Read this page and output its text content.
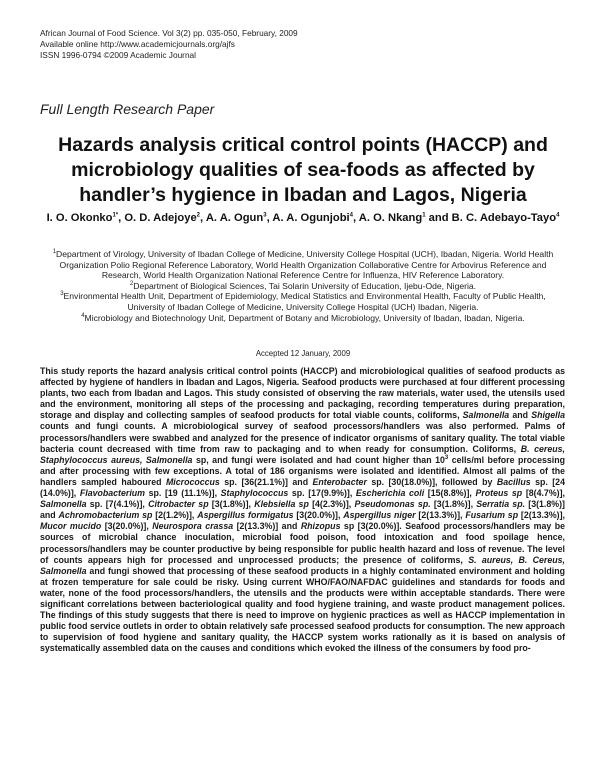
African Journal of Food Science. Vol 3(2) pp. 035-050, February, 2009
Available online http://www.academicjournals.org/ajfs
ISSN 1996-0794 ©2009 Academic Journal
Full Length Research Paper
Hazards analysis critical control points (HACCP) and microbiology qualities of sea-foods as affected by handler’s hygience in Ibadan and Lagos, Nigeria
I. O. Okonko$^{1*}$, O. D. Adejoye$^2$, A. A. Ogun$^3$, A. A. Ogunjobi$^4$, A. O. Nkang$^1$ and B. C. Adebayo-Tayo$^4$

$^1$Department of Virology, University of Ibadan College of Medicine, University College Hospital (UCH), Ibadan, Nigeria. World Health Organization Polio Regional Reference Laboratory, World Health Organization Collaborative Centre for Arbovirus Reference and Research, World Health Organization National Reference Centre for Influenza, HIV Reference Laboratory.

$^2$Department of Biological Sciences, Tai Solarin University of Education, Ijebu-Ode, Nigeria.

$^3$Environmental Health Unit, Department of Epidemiology, Medical Statistics and Environmental Health, Faculty of Public Health, University of Ibadan College of Medicine, University College Hospital (UCH) Ibadan, Nigeria.

$^4$Microbiology and Biotechnology Unit, Department of Botany and Microbiology, University of Ibadan, Ibadan, Nigeria.

Accepted 12 January, 2009
This study reports the hazard analysis critical control points (HACCP) and microbiological qualities of seafood products as affected by hygiene of handlers in Ibadan and Lagos, Nigeria. Seafood products were purchased at four different processing plants, two each from Ibadan and Lagos. This study consisted of observing the raw materials, water used, the utensils used and the environment, monitoring all steps of the processing and packaging, recording temperatures during preparation, storage and display and collecting samples of seafood products for total viable counts, coliforms, Salmonella and Shigella counts and fungi counts. A microbiological survey of seafood processors/handlers was also performed. Palms of processors/handlers were swabbed and analyzed for the presence of indicator organisms of sanitary quality. The total viable bacteria count decreased with time from raw to packaging and to when ready for consumption. Coliforms, B. cereus, Staphylococcus aureus, Salmonella sp, and fungi were isolated and had count higher than $10^3$ cells/ml before processing and after processing with few exceptions. A total of 186 organisms were isolated and identified. Almost all palms of the handlers sampled haboured Micrococcus sp. [36(21.1%)] and Enterobacter sp. [30(18.0%)], followed by Bacillus sp. [24 (14.0%)], Flavobacterium sp. [19 (11.1%)], Staphylococcus sp. [17(9.9%)], Escherichia coli [15(8.8%)], Proteus sp [8(4.7%)], Salmonella sp. [7(4.1%)], Citrobacter sp [3(1.8%)], Klebsiella sp [4(2.3%)], Pseudomonas sp. [3(1.8%)], Serratia sp. [3(1.8%)] and Achromobacterium sp [2(1.2%)], Aspergillus formigatus [3(20.0%)], Aspergillus niger [2(13.3%)], Fusarium sp [2(13.3%)], Mucor mucido [3(20.0%)], Neurospora crassa [2(13.3%)] and Rhizopus sp [3(20.0%)]. Seafood processors/handlers may be sources of microbial chance inoculation, microbial food poison, food intoxication and food spoilage hence, processors/handlers may be counter productive by being responsible for public health hazard and loss of revenue. The level of counts appears high for processed and unprocessed products; the presence of coliforms, S. aureus, B. Cereus, Salmonella and fungi showed that processing of these seafood products in a highly contaminated environment and holding at frozen temperature for sale could be risky. Using current WHO/FAO/NAFDAC guidelines and standards for foods and water, none of the food processors/handlers, the utensils and the products were within acceptable standards. There were significant correlations between bacteriological quality and food hygiene training, and waste product management polices. The findings of this study suggests that there is need to improve on hygienic practices as well as HACCP implementation in public food service outlets in order to obtain relatively safe processed seafood products for consumption. The new approach to supervision of food hygiene and sanitary quality, the HACCP system works rationally as it is based on analysis of systematically assembled data on the causes and conditions which evoked the illness of the consumers by food pro-
